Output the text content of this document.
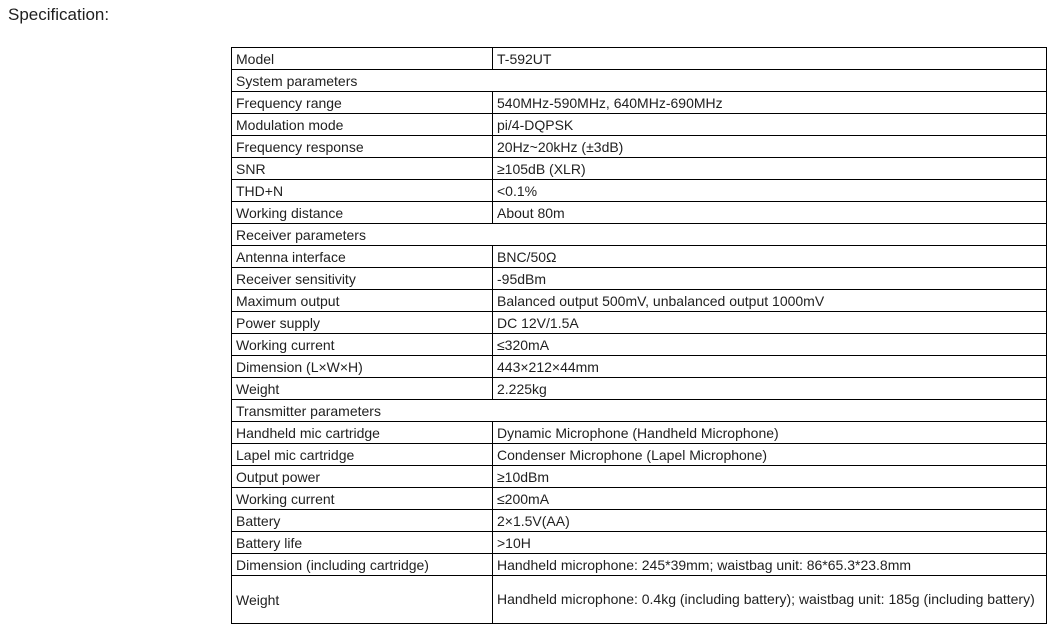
Specification:
Model	T-592UT
System parameters	
Frequency range	540MHz-590MHz, 640MHz-690MHz
Modulation mode	pi/4-DQPSK
Frequency response	20Hz~20kHz (±3dB)
SNR	≥105dB (XLR)
THD+N	<0.1%
Working distance	About 80m
Receiver parameters	
Antenna interface	BNC/50Ω
Receiver sensitivity	-95dBm
Maximum output	Balanced output 500mV, unbalanced output 1000mV
Power supply	DC 12V/1.5A
Working current	≤320mA
Dimension (L×W×H)	443×212×44mm
Weight	2.225kg
Transmitter parameters	
Handheld mic cartridge	Dynamic Microphone (Handheld Microphone)
Lapel mic cartridge	Condenser Microphone (Lapel Microphone)
Output power	≥10dBm
Working current	≤200mA
Battery	2×1.5V(AA)
Battery life	>10H
Dimension (including cartridge)	Handheld microphone: 245*39mm; waistbag unit: 86*65.3*23.8mm
Weight	Handheld microphone: 0.4kg (including battery); waistbag unit: 185g (including battery)
